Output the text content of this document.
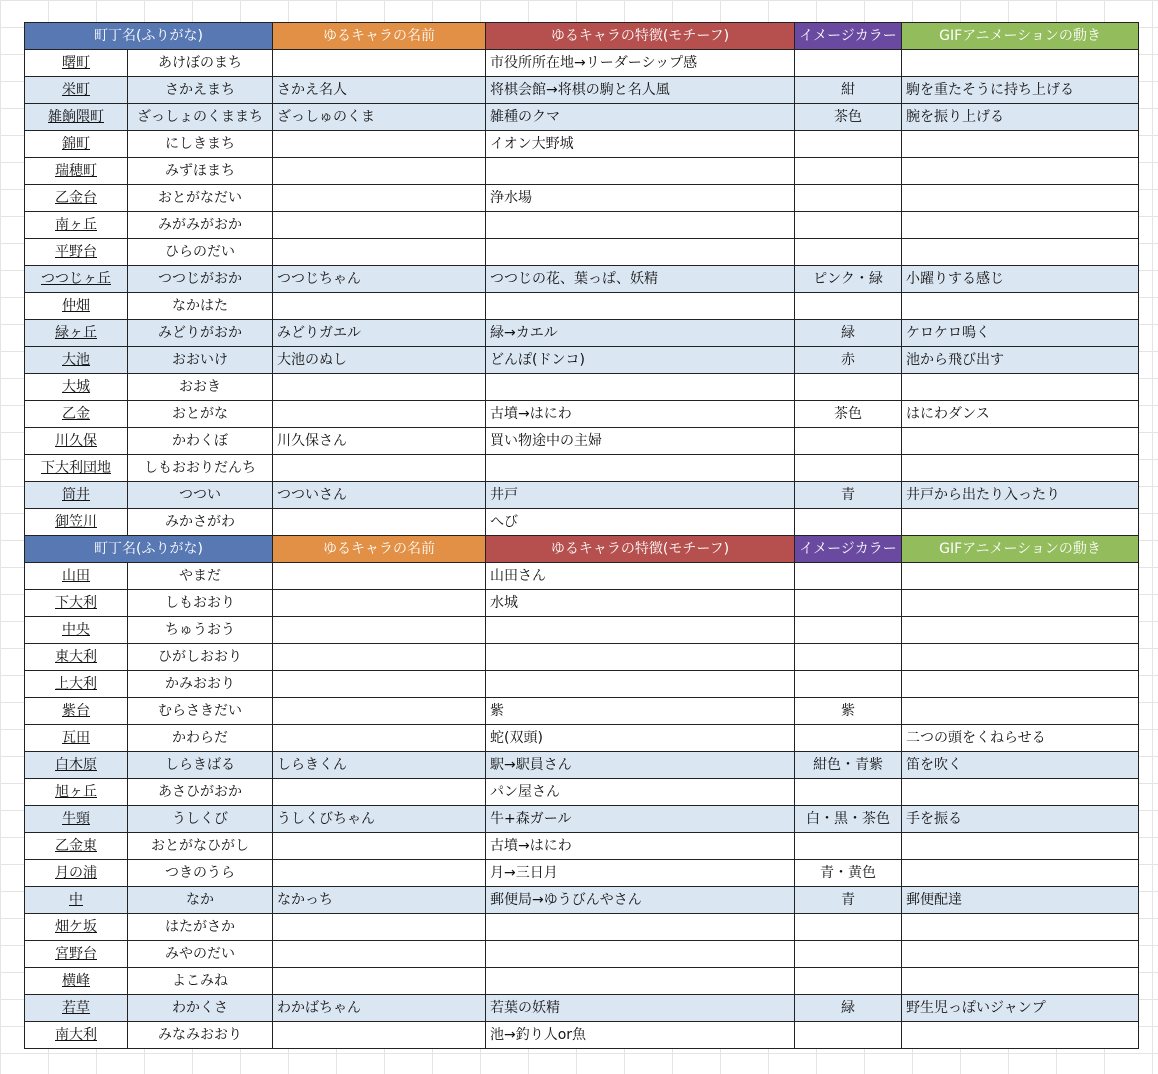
町丁名(ふりがな)		ゆるキャラの名前	ゆるキャラの特徴(モチーフ)	イメージカラー	GIFアニメーションの動き
曙町	あけぼのまち		市役所所在地→リーダーシップ感		
栄町	さかえまち	さかえ名人	将棋会館→将棋の駒と名人風	紺	駒を重たそうに持ち上げる
雑餉隈町	ざっしょのくままち	ざっしゅのくま	雑種のクマ	茶色	腕を振り上げる
錦町	にしきまち		イオン大野城		
瑞穂町	みずほまち				
乙金台	おとがなだい		浄水場		
南ヶ丘	みがみがおか				
平野台	ひらのだい				
つつじヶ丘	つつじがおか	つつじちゃん	つつじの花、葉っぱ、妖精	ピンク・緑	小躍りする感じ
仲畑	なかはた				
緑ヶ丘	みどりがおか	みどりガエル	緑→カエル	緑	ケロケロ鳴く
大池	おおいけ	大池のぬし	どんぽ(ドンコ)	赤	池から飛び出す
大城	おおき				
乙金	おとがな		古墳→はにわ	茶色	はにわダンス
川久保	かわくぼ	川久保さん	買い物途中の主婦		
下大利団地	しもおおりだんち				
筒井	つつい	つついさん	井戸	青	井戸から出たり入ったり
御笠川	みかさがわ		へび		
町丁名(ふりがな)		ゆるキャラの名前	ゆるキャラの特徴(モチーフ)	イメージカラー	GIFアニメーションの動き
山田	やまだ		山田さん		
下大利	しもおおり		水城		
中央	ちゅうおう				
東大利	ひがしおおり				
上大利	かみおおり				
紫台	むらさきだい		紫	紫	
瓦田	かわらだ		蛇(双頭)		二つの頭をくねらせる
白木原	しらきばる	しらきくん	駅→駅員さん	紺色・青紫	笛を吹く
旭ヶ丘	あさひがおか		パン屋さん		
牛頸	うしくび	うしくびちゃん	牛+森ガール	白・黒・茶色	手を振る
乙金東	おとがなひがし		古墳→はにわ		
月の浦	つきのうら		月→三日月	青・黄色	
中	なか	なかっち	郵便局→ゆうびんやさん	青	郵便配達
畑ケ坂	はたがさか				
宮野台	みやのだい				
横峰	よこみね				
若草	わかくさ	わかばちゃん	若葉の妖精	緑	野生児っぽいジャンプ
南大利	みなみおおり		池→釣り人or魚		
